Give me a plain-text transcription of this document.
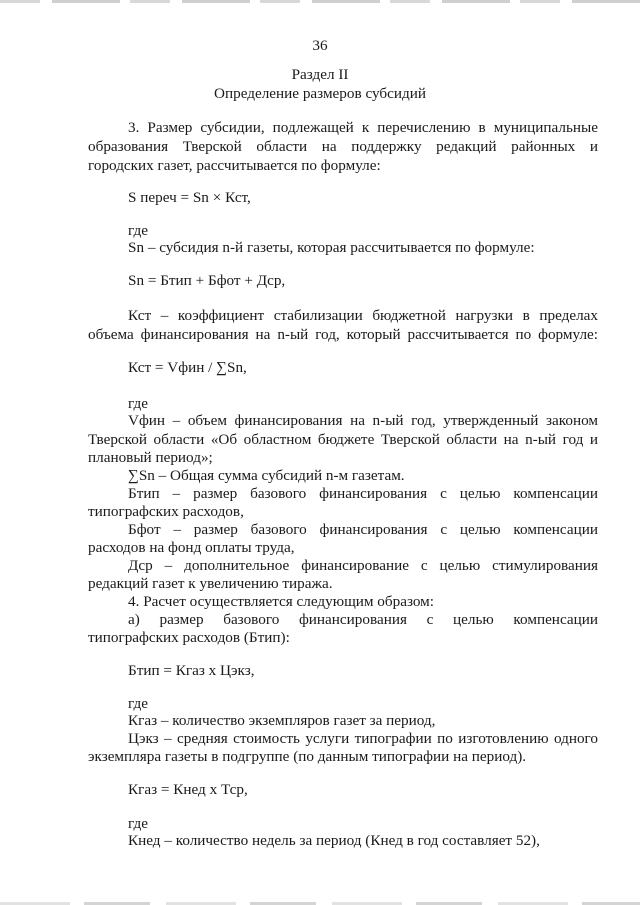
36
Раздел II
Определение размеров субсидий
3. Размер субсидии, подлежащей к перечислению в муниципальные
образования Тверской области на поддержку редакций районных и
городских газет, рассчитывается по формуле:
S переч = Sn × Кст,
где
Sn – субсидия n-й газеты, которая рассчитывается по формуле:
Sn = Бтип + Бфот + Дср,
Кст – коэффициент стабилизации бюджетной нагрузки в пределах
объема финансирования на n-ый год, который рассчитывается по формуле:
Кст = Vфин / ∑Sn,
где
Vфин – объем финансирования на n-ый год, утвержденный законом
Тверской области «Об областном бюджете Тверской области на n-ый год и
плановый период»;
∑Sn – Общая сумма субсидий n-м газетам.
Бтип – размер базового финансирования с целью компенсации
типографских расходов,
Бфот – размер базового финансирования с целью компенсации
расходов на фонд оплаты труда,
Дср – дополнительное финансирование с целью стимулирования
редакций газет к увеличению тиража.
4. Расчет осуществляется следующим образом:
а) размер базового финансирования с целью компенсации
типографских расходов (Бтип):
Бтип = Кгаз х Цэкз,
где
Кгаз – количество экземпляров газет за период,
Цэкз – средняя стоимость услуги типографии по изготовлению одного
экземпляра газеты в подгруппе (по данным типографии на период).
Кгаз = Кнед х Тср,
где
Кнед – количество недель за период (Кнед в год составляет 52),
